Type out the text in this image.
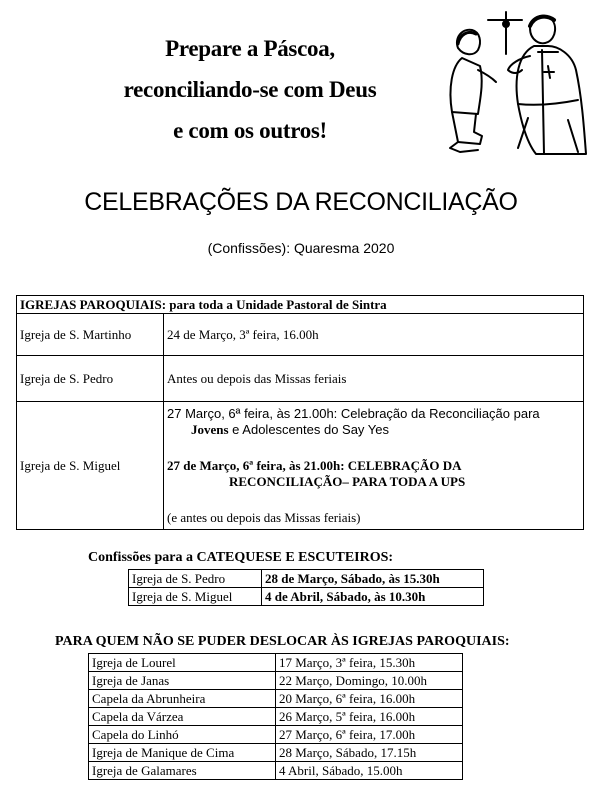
Prepare a Páscoa,
reconciliando-se com Deus
e com os outros!
CELEBRAÇÕES DA RECONCILIAÇÃO
(Confissões): Quaresma 2020
IGREJAS PAROQUIAIS: para toda a Unidade Pastoral de Sintra	
Igreja de S. Martinho	24 de Março, 3ª feira, 16.00h
Igreja de S. Pedro	Antes ou depois das Missas feriais
Igreja de S. Miguel	27 Março, 6ª feira, às 21.00h: Celebração da Reconciliação para
Jovens e Adolescentes do Say Yes
27 de Março, 6ª feira, às 21.00h: CELEBRAÇÃO DA
RECONCILIAÇÃO– PARA TODA A UPS
(e antes ou depois das Missas feriais)
Confissões para a CATEQUESE E ESCUTEIROS:
Igreja de S. Pedro	28 de Março, Sábado, às 15.30h
Igreja de S. Miguel	4 de Abril, Sábado, às 10.30h
PARA QUEM NÃO SE PUDER DESLOCAR ÀS IGREJAS PAROQUIAIS:
Igreja de Lourel	17 Março, 3ª feira, 15.30h
Igreja de Janas	22 Março, Domingo, 10.00h
Capela da Abrunheira	20 Março, 6ª feira, 16.00h
Capela da Várzea	26 Março, 5ª feira, 16.00h
Capela do Linhó	27 Março, 6ª feira, 17.00h
Igreja de Manique de Cima	28 Março, Sábado, 17.15h
Igreja de Galamares	4 Abril, Sábado, 15.00h
